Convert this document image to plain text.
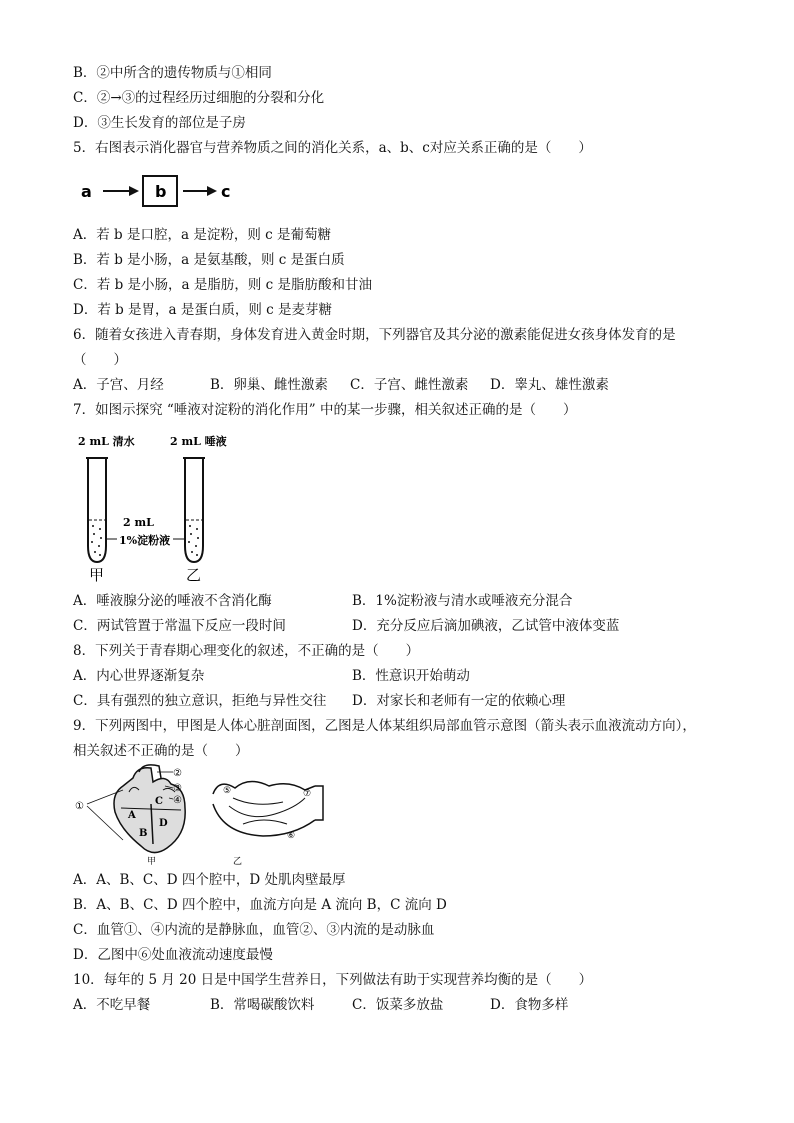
B．②中所含的遗传物质与①相同
C．②→③的过程经历过细胞的分裂和分化
D．③生长发育的部位是子房
5．右图表示消化器官与营养物质之间的消化关系，a、b、c对应关系正确的是（　　）
a	b	c
A．若 b 是口腔，a 是淀粉，则 c 是葡萄糖
B．若 b 是小肠，a 是氨基酸，则 c 是蛋白质
C．若 b 是小肠，a 是脂肪，则 c 是脂肪酸和甘油
D．若 b 是胃，a 是蛋白质，则 c 是麦芽糖
6．随着女孩进入青春期，身体发育进入黄金时期，下列器官及其分泌的激素能促进女孩身体发育的是
（　　）
A．子宫、月经	B．卵巢、雌性激素 C．子宫、雌性激素 D．睾丸、雄性激素
7．如图示探究 “唾液对淀粉的消化作用” 中的某一步骤，相关叙述正确的是（　　）
2 mL 清水	2 mL 唾液
2 mL
1%淀粉液
甲	乙
A．唾液腺分泌的唾液不含消化酶	B．1%淀粉液与清水或唾液充分混合
C．两试管置于常温下反应一段时间	D．充分反应后滴加碘液，乙试管中液体变蓝
8．下列关于青春期心理变化的叙述，不正确的是（　　）
A．内心世界逐渐复杂	B．性意识开始萌动
C．具有强烈的独立意识，拒绝与异性交往 D．对家长和老师有一定的依赖心理
9．下列两图中，甲图是人体心脏剖面图，乙图是人体某组织局部血管示意图（箭头表示血液流动方向），
相关叙述不正确的是（　　）
A
B
C
D
①
②
③
④
甲
⑤
⑥
⑦
乙
A．A、B、C、D 四个腔中，D 处肌肉壁最厚
B．A、B、C、D 四个腔中，血流方向是 A 流向 B，C 流向 D
C．血管①、④内流的是静脉血，血管②、③内流的是动脉血
D．乙图中⑥处血液流动速度最慢
10．每年的 5 月 20 日是中国学生营养日，下列做法有助于实现营养均衡的是（　　）
A．不吃早餐	B．常喝碳酸饮料	C．饭菜多放盐	D．食物多样
